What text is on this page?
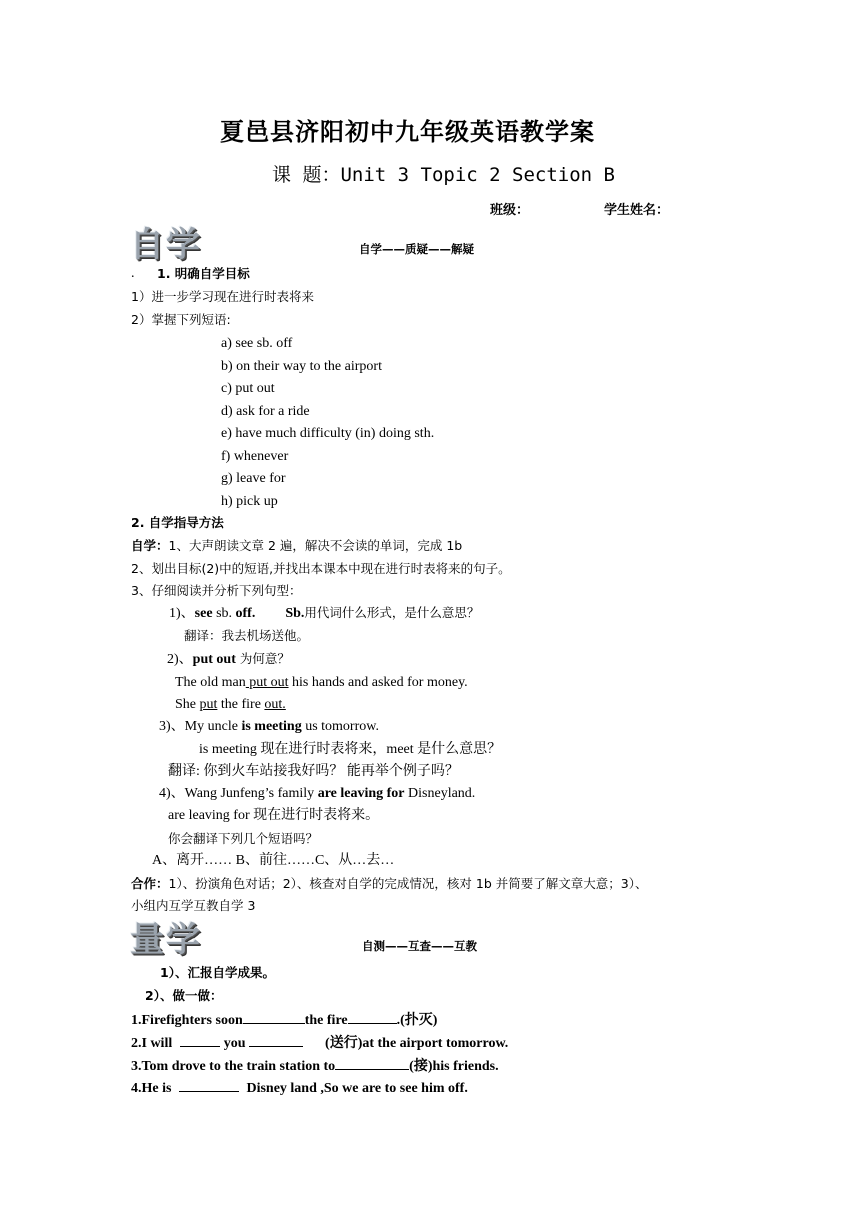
夏邑县济阳初中九年级英语教学案
课 题：Unit 3 Topic 2 Section B
班级：	学生姓名：
自学	自学——质疑——解疑
. 1. 明确自学目标
1）进一步学习现在进行时表将来
2）掌握下列短语:
a) see sb. off
b) on their way to the airport
c) put out
d) ask for a ride
e) have much difficulty (in) doing sth.
f) whenever
g) leave for
h) pick up
2. 自学指导方法
自学：1、大声朗读文章 2 遍，解决不会读的单词，完成 1b
2、划出目标(2)中的短语,并找出本课本中现在进行时表将来的句子。
3、仔细阅读并分析下列句型：
1)、see sb. off. Sb.用代词什么形式，是什么意思？
翻译：我去机场送他。
2)、put out 为何意？
The old man put out his hands and asked for money.
She put the fire out.
3)、My uncle is meeting us tomorrow.
is meeting 现在进行时表将来，meet 是什么意思？
翻译: 你到火车站接我好吗？ 能再举个例子吗？
4)、Wang Junfeng’s family are leaving for Disneyland.
are leaving for 现在进行时表将来。
你会翻译下列几个短语吗？
A、离开…… B、前往……C、从…去…
合作：1）、扮演角色对话；2）、核查对自学的完成情况，核对 1b 并简要了解文章大意；3）、
小组内互学互教自学 3
量学	自测——互查——互教
1）、汇报自学成果。
2）、做一做：
1.Firefighters soon	the fire	.(扑灭)
2.I will	you	(送行)at the airport tomorrow.
3.Tom drove to the train station to	(接)his friends.
4.He is	Disney land ,So we are to see him off.
